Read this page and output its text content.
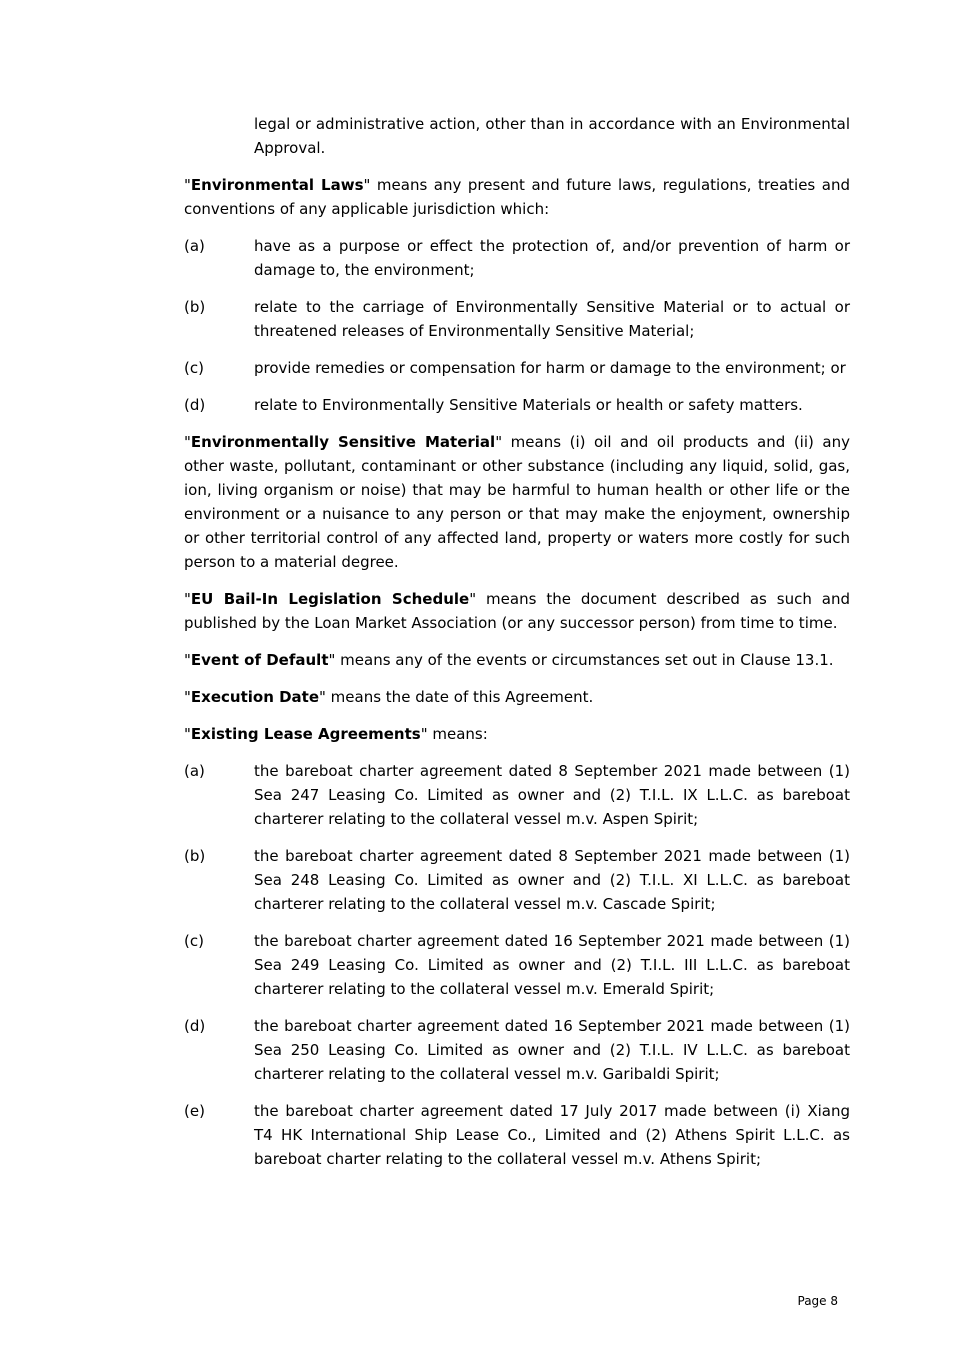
legal or administrative action, other than in accordance with an Environmental Approval.

"Environmental Laws" means any present and future laws, regulations, treaties and conventions of any applicable jurisdiction which:

(a)	have as a purpose or effect the protection of, and/or prevention of harm or damage to, the environment;
(b)	relate to the carriage of Environmentally Sensitive Material or to actual or threatened releases of Environmentally Sensitive Material;
(c)	provide remedies or compensation for harm or damage to the environment; or
(d)	relate to Environmentally Sensitive Materials or health or safety matters.

"Environmentally Sensitive Material" means (i) oil and oil products and (ii) any other waste, pollutant, contaminant or other substance (including any liquid, solid, gas, ion, living organism or noise) that may be harmful to human health or other life or the environment or a nuisance to any person or that may make the enjoyment, ownership or other territorial control of any affected land, property or waters more costly for such person to a material degree.

"EU Bail-In Legislation Schedule" means the document described as such and published by the Loan Market Association (or any successor person) from time to time.

"Event of Default" means any of the events or circumstances set out in Clause 13.1.

"Execution Date" means the date of this Agreement.

"Existing Lease Agreements" means:

(a)	the bareboat charter agreement dated 8 September 2021 made between (1) Sea 247 Leasing Co. Limited as owner and (2) T.I.L. IX L.L.C. as bareboat charterer relating to the collateral vessel m.v. Aspen Spirit;
(b)	the bareboat charter agreement dated 8 September 2021 made between (1) Sea 248 Leasing Co. Limited as owner and (2) T.I.L. XI L.L.C. as bareboat charterer relating to the collateral vessel m.v. Cascade Spirit;
(c)	the bareboat charter agreement dated 16 September 2021 made between (1) Sea 249 Leasing Co. Limited as owner and (2) T.I.L. III L.L.C. as bareboat charterer relating to the collateral vessel m.v. Emerald Spirit;
(d)	the bareboat charter agreement dated 16 September 2021 made between (1) Sea 250 Leasing Co. Limited as owner and (2) T.I.L. IV L.L.C. as bareboat charterer relating to the collateral vessel m.v. Garibaldi Spirit;
(e)	the bareboat charter agreement dated 17 July 2017 made between (i) Xiang T4 HK International Ship Lease Co., Limited and (2) Athens Spirit L.L.C. as bareboat charter relating to the collateral vessel m.v. Athens Spirit;
Page 8
